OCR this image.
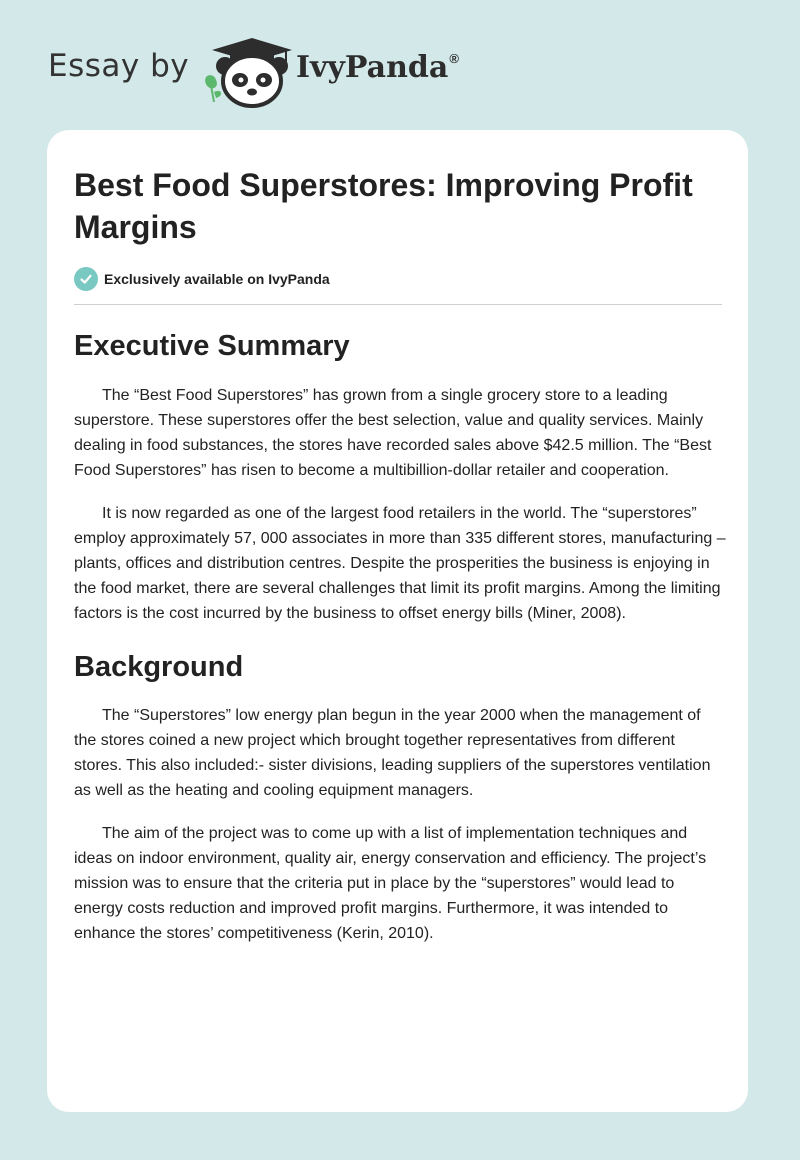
Essay by	IvyPanda®
Best Food Superstores: Improving Profit Margins
Exclusively available on IvyPanda
Executive Summary

The “Best Food Superstores” has grown from a single grocery store to a leading superstore. These superstores offer the best selection, value and quality services. Mainly dealing in food substances, the stores have recorded sales above $42.5 million. The “Best Food Superstores” has risen to become a multibillion-dollar retailer and cooperation.

It is now regarded as one of the largest food retailers in the world. The “superstores” employ approximately 57, 000 associates in more than 335 different stores, manufacturing –plants, offices and distribution centres. Despite the prosperities the business is enjoying in the food market, there are several challenges that limit its profit margins. Among the limiting factors is the cost incurred by the business to offset energy bills (Miner, 2008).

Background

The “Superstores” low energy plan begun in the year 2000 when the management of the stores coined a new project which brought together representatives from different stores. This also included:- sister divisions, leading suppliers of the superstores ventilation as well as the heating and cooling equipment managers.

The aim of the project was to come up with a list of implementation techniques and ideas on indoor environment, quality air, energy conservation and efficiency. The project’s mission was to ensure that the criteria put in place by the “superstores” would lead to energy costs reduction and improved profit margins. Furthermore, it was intended to enhance the stores’ competitiveness (Kerin, 2010).
